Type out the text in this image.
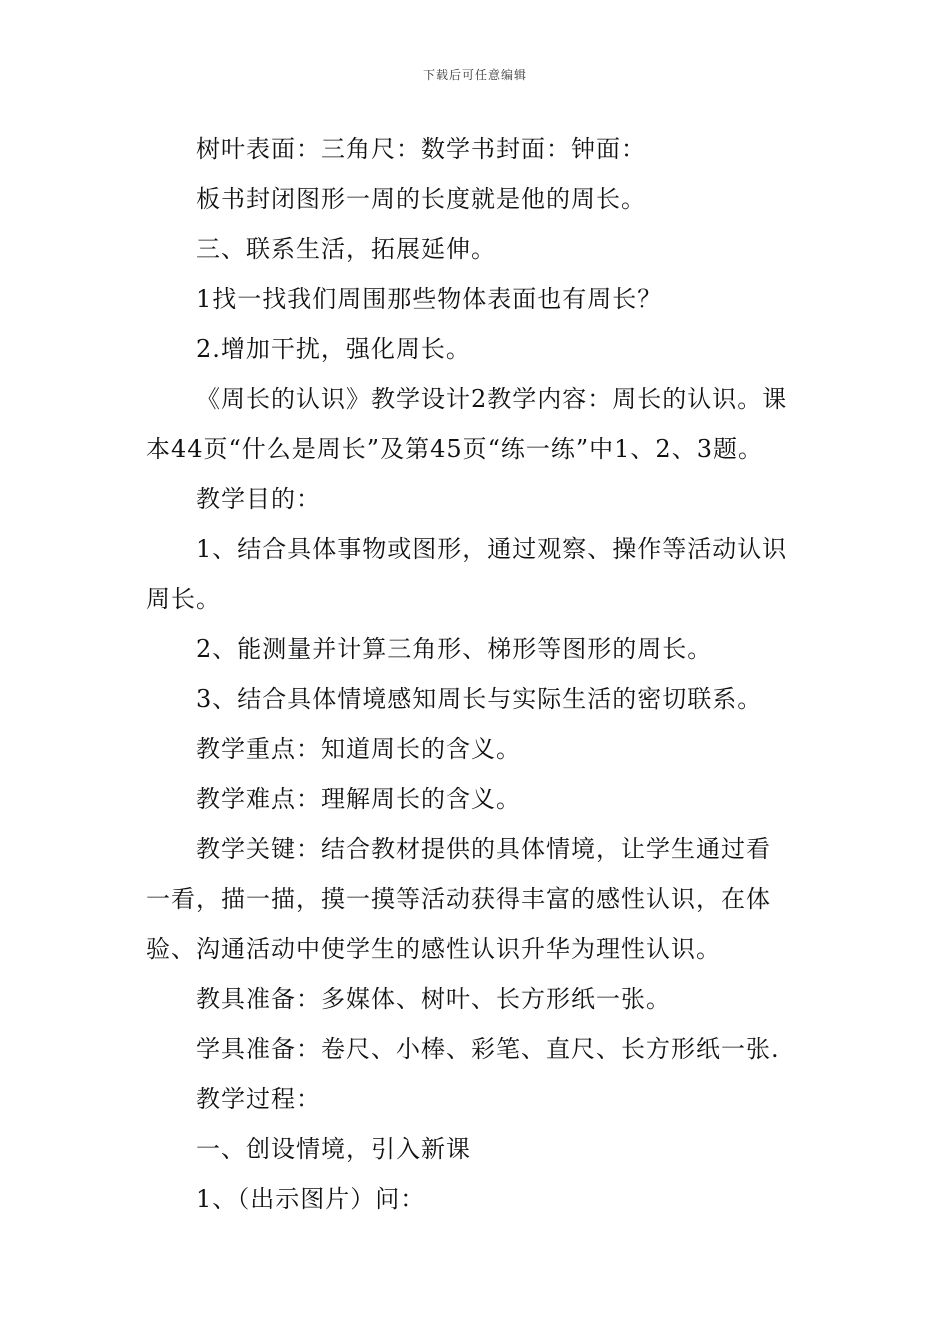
下载后可任意编辑
树叶表面：三角尺：数学书封面：钟面：
板书封闭图形一周的长度就是他的周长。
三、联系生活，拓展延伸。
1找一找我们周围那些物体表面也有周长？
2.增加干扰，强化周长。
《周长的认识》教学设计2教学内容：周长的认识。课
本44页“什么是周长”及第45页“练一练”中1、2、3题。
教学目的：
1、结合具体事物或图形，通过观察、操作等活动认识
周长。
2、能测量并计算三角形、梯形等图形的周长。
3、结合具体情境感知周长与实际生活的密切联系。
教学重点：知道周长的含义。
教学难点：理解周长的含义。
教学关键：结合教材提供的具体情境，让学生通过看
一看，描一描，摸一摸等活动获得丰富的感性认识，在体
验、沟通活动中使学生的感性认识升华为理性认识。
教具准备：多媒体、树叶、长方形纸一张。
学具准备：卷尺、小棒、彩笔、直尺、长方形纸一张.
教学过程：
一、创设情境，引入新课
1、（出示图片）问：
